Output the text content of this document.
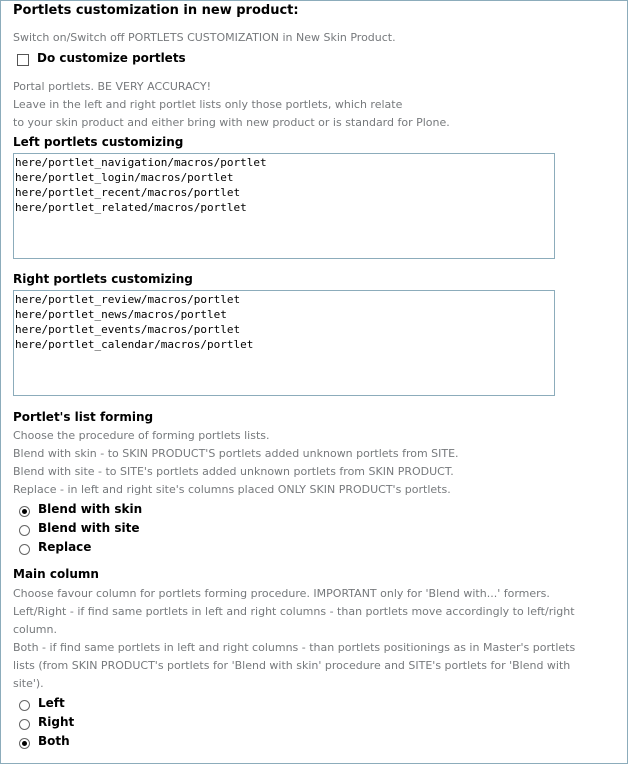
Portlets customization in new product:
Switch on/Switch off PORTLETS CUSTOMIZATION in New Skin Product.
Do customize portlets
Portal portlets. BE VERY ACCURACY!
Leave in the left and right portlet lists only those portlets, which relate
to your skin product and either bring with new product or is standard for Plone.
Left portlets customizing
here/portlet_navigation/macros/portlet here/portlet_login/macros/portlet here/portlet_recent/macros/portlet here/portlet_related/macros/portlet
Right portlets customizing
here/portlet_review/macros/portlet here/portlet_news/macros/portlet here/portlet_events/macros/portlet here/portlet_calendar/macros/portlet
Portlet's list forming
Choose the procedure of forming portlets lists.
Blend with skin - to SKIN PRODUCT'S portlets added unknown portlets from SITE.
Blend with site - to SITE's portlets added unknown portlets from SKIN PRODUCT.
Replace - in left and right site's columns placed ONLY SKIN PRODUCT's portlets.
Blend with skin
Blend with site
Replace
Main column
Choose favour column for portlets forming procedure. IMPORTANT only for 'Blend with...' formers.
Left/Right - if find same portlets in left and right columns - than portlets move accordingly to left/right
column.
Both - if find same portlets in left and right columns - than portlets positionings as in Master's portlets
lists (from SKIN PRODUCT's portlets for 'Blend with skin' procedure and SITE's portlets for 'Blend with
site').
Left
Right
Both
